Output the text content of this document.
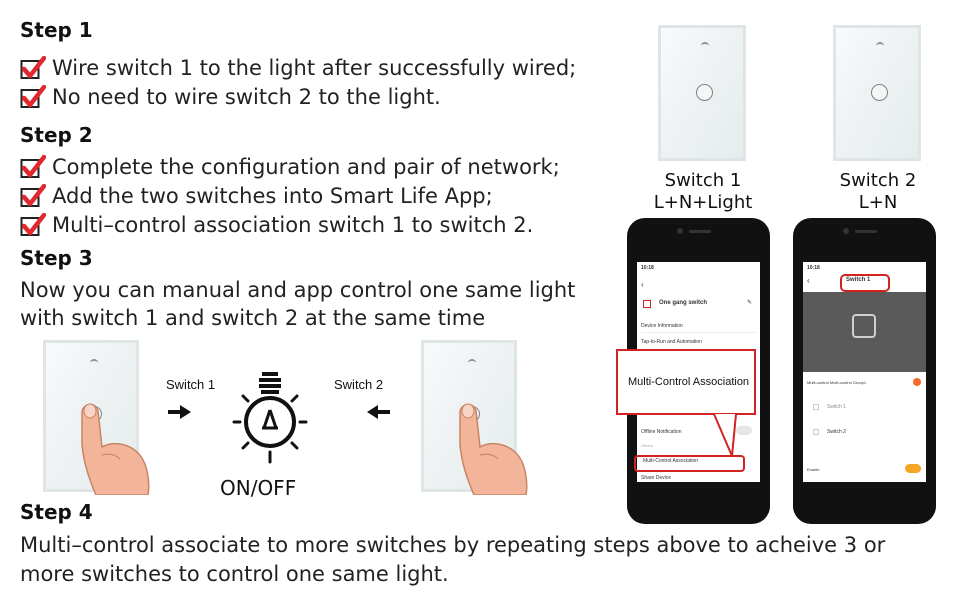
Step 1
Wire switch 1 to the light after successfully wired;
No need to wire switch 2 to the light.
Step 2
Complete the configuration and pair of network;
Add the two switches into Smart Life App;
Multi–control association switch 1 to switch 2.
Step 3
Now you can manual and app control one same light
with switch 1 and switch 2 at the same time
Switch 1
ON/OFF
Switch 2
Step 4
Multi–control associate to more switches by repeating steps above to acheive 3 or
more switches to control one same light.
Switch 1
L+N+Light
Switch 2
L+N
10:18
‹
One gang switch	✎
Device Information
Tap-to-Run and Automation
Offline Notification
Others
Multi-Control Association
Share Device
Multi-Control Association
10:18
‹	Switch 1
Multi-control Multi-control Group1
Switch 1
Switch 2
Enable
